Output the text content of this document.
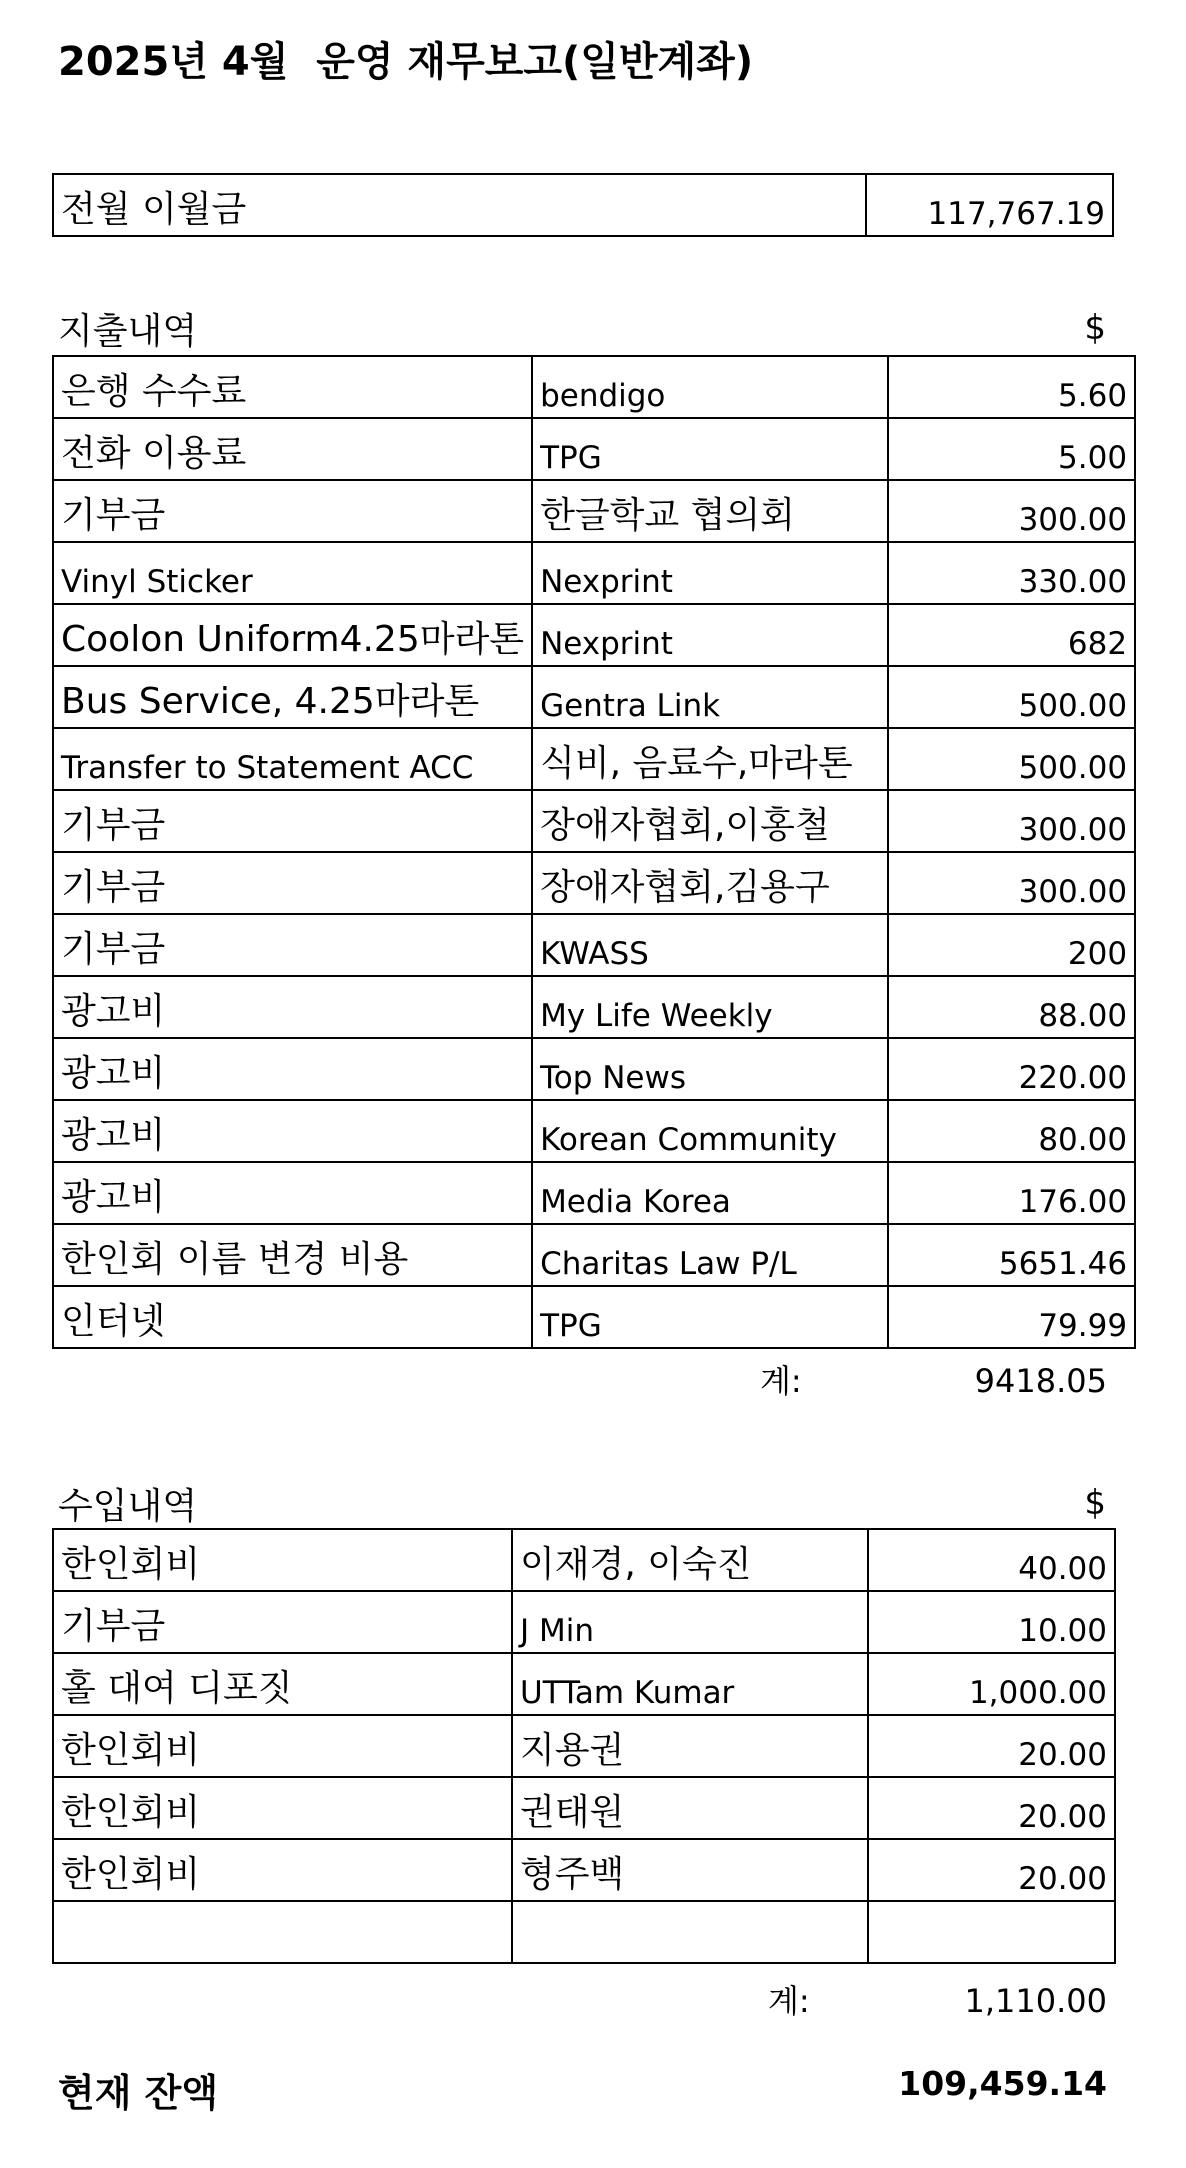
2025년 4월  운영 재무보고(일반계좌)
전월 이월금	117,767.19
지출내역	$
은행 수수료	bendigo	5.60
전화 이용료	TPG	5.00
기부금	한글학교 협의회	300.00
Vinyl Sticker	Nexprint	330.00
Coolon Uniform4.25마라톤	Nexprint	682
Bus Service, 4.25마라톤	Gentra Link	500.00
Transfer to Statement ACC	식비, 음료수,마라톤	500.00
기부금	장애자협회,이홍철	300.00
기부금	장애자협회,김용구	300.00
기부금	KWASS	200
광고비	My Life Weekly	88.00
광고비	Top News	220.00
광고비	Korean Community	80.00
광고비	Media Korea	176.00
한인회 이름 변경 비용	Charitas Law P/L	5651.46
인터넷	TPG	79.99
계:	9418.05
수입내역	$
한인회비	이재경, 이숙진	40.00
기부금	J Min	10.00
홀 대여 디포짓	UTTam Kumar	1,000.00
한인회비	지용권	20.00
한인회비	권태원	20.00
한인회비	형주백	20.00

계:	1,110.00
현재 잔액	109,459.14
